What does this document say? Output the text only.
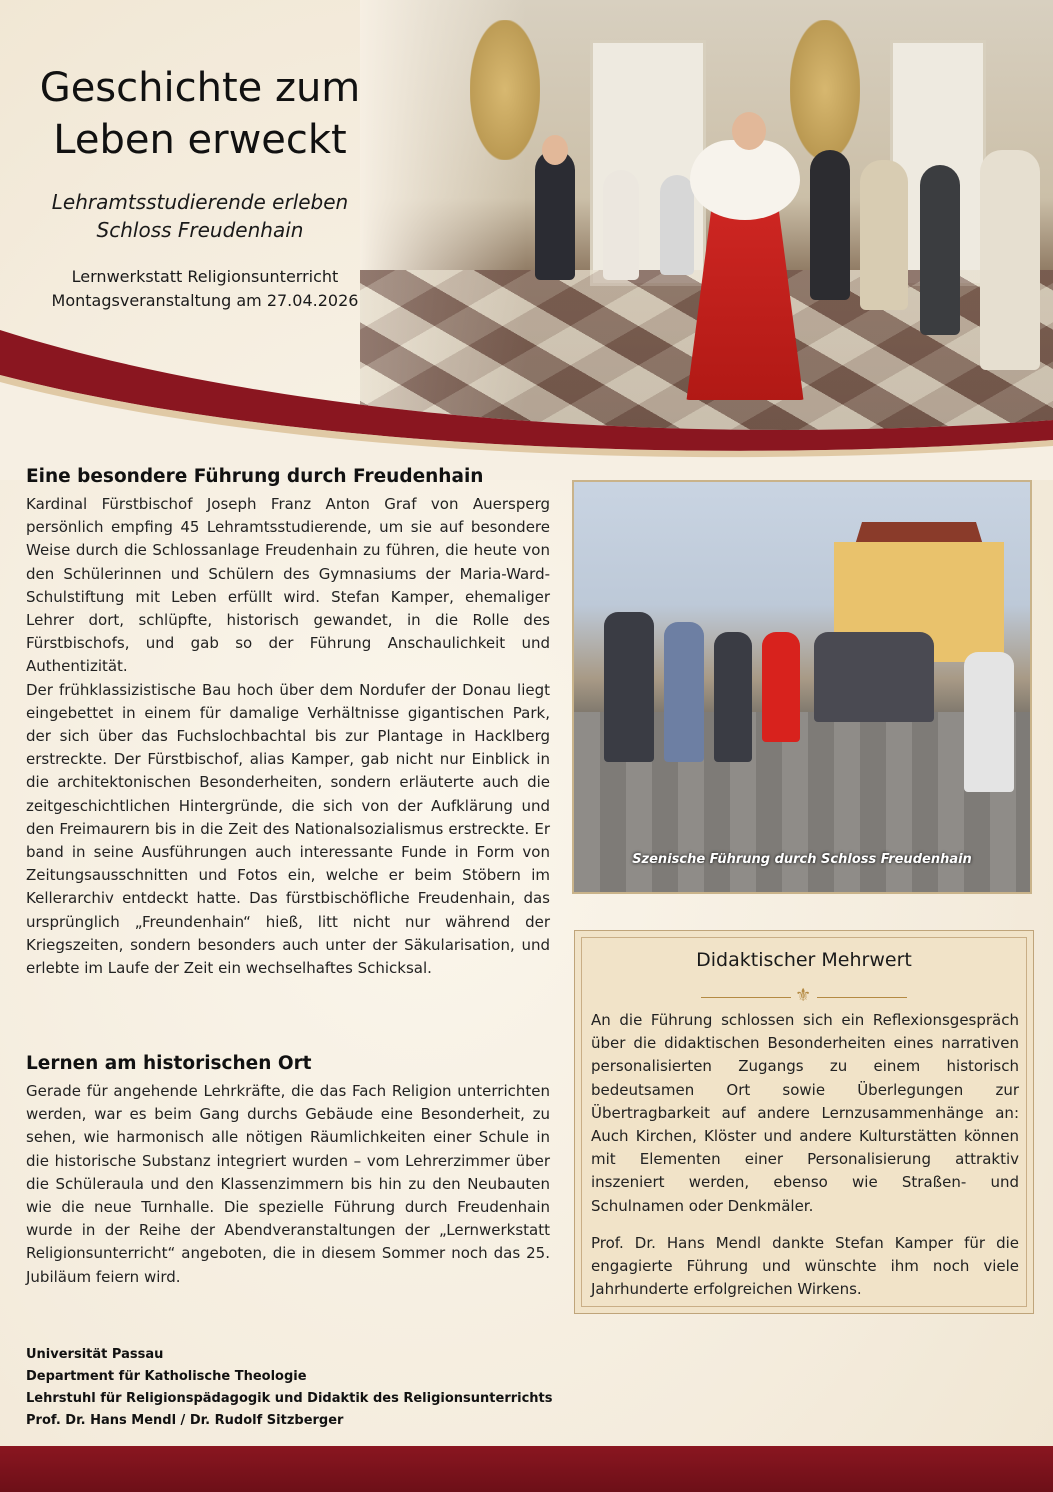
Geschichte zum
Leben erweckt
Lehramtsstudierende erleben
Schloss Freudenhain
Lernwerkstatt Religionsunterricht
Montagsveranstaltung am 27.04.2026
Eine besondere Führung durch Freudenhain

Kardinal Fürstbischof Joseph Franz Anton Graf von Auersperg persönlich empfing 45 Lehramtsstudierende, um sie auf besondere Weise durch die Schlossanlage Freudenhain zu führen, die heute von den Schülerinnen und Schülern des Gymnasiums der Maria-Ward-Schulstiftung mit Leben erfüllt wird. Stefan Kamper, ehemaliger Lehrer dort, schlüpfte, historisch gewandet, in die Rolle des Fürstbischofs, und gab so der Führung Anschaulichkeit und Authentizität.

Der frühklassizistische Bau hoch über dem Nordufer der Donau liegt eingebettet in einem für damalige Verhältnisse gigantischen Park, der sich über das Fuchslochbachtal bis zur Plantage in Hacklberg erstreckte. Der Fürstbischof, alias Kamper, gab nicht nur Einblick in die architektonischen Besonderheiten, sondern erläuterte auch die zeitgeschichtlichen Hintergründe, die sich von der Aufklärung und den Freimaurern bis in die Zeit des Nationalsozialismus erstreckte. Er band in seine Ausführungen auch interessante Funde in Form von Zeitungsausschnitten und Fotos ein, welche er beim Stöbern im Kellerarchiv entdeckt hatte. Das fürstbischöfliche Freudenhain, das ursprünglich „Freundenhain“ hieß, litt nicht nur während der Kriegszeiten, sondern besonders auch unter der Säkularisation, und erlebte im Laufe der Zeit ein wechselhaftes Schicksal.

Lernen am historischen Ort

Gerade für angehende Lehrkräfte, die das Fach Religion unterrichten werden, war es beim Gang durchs Gebäude eine Besonderheit, zu sehen, wie harmonisch alle nötigen Räumlichkeiten einer Schule in die historische Substanz integriert wurden – vom Lehrerzimmer über die Schüleraula und den Klassenzimmern bis hin zu den Neubauten wie die neue Turnhalle. Die spezielle Führung durch Freudenhain wurde in der Reihe der Abendveranstaltungen der „Lernwerkstatt Religionsunterricht“ angeboten, die in diesem Sommer noch das 25. Jubiläum feiern wird.

Universität Passau
Department für Katholische Theologie
Lehrstuhl für Religionspädagogik und Didaktik des Religionsunterrichts
Prof. Dr. Hans Mendl / Dr. Rudolf Sitzberger
Szenische Führung durch Schloss Freudenhain
Didaktischer Mehrwert
⚜

An die Führung schlossen sich ein Reflexionsgespräch über die didaktischen Besonderheiten eines narrativen personalisierten Zugangs zu einem historisch bedeutsamen Ort sowie Überlegungen zur Übertragbarkeit auf andere Lernzusammenhänge an: Auch Kirchen, Klöster und andere Kulturstätten können mit Elementen einer Personalisierung attraktiv inszeniert werden, ebenso wie Straßen- und Schulnamen oder Denkmäler.

Prof. Dr. Hans Mendl dankte Stefan Kamper für die engagierte Führung und wünschte ihm noch viele Jahrhunderte erfolgreichen Wirkens.
